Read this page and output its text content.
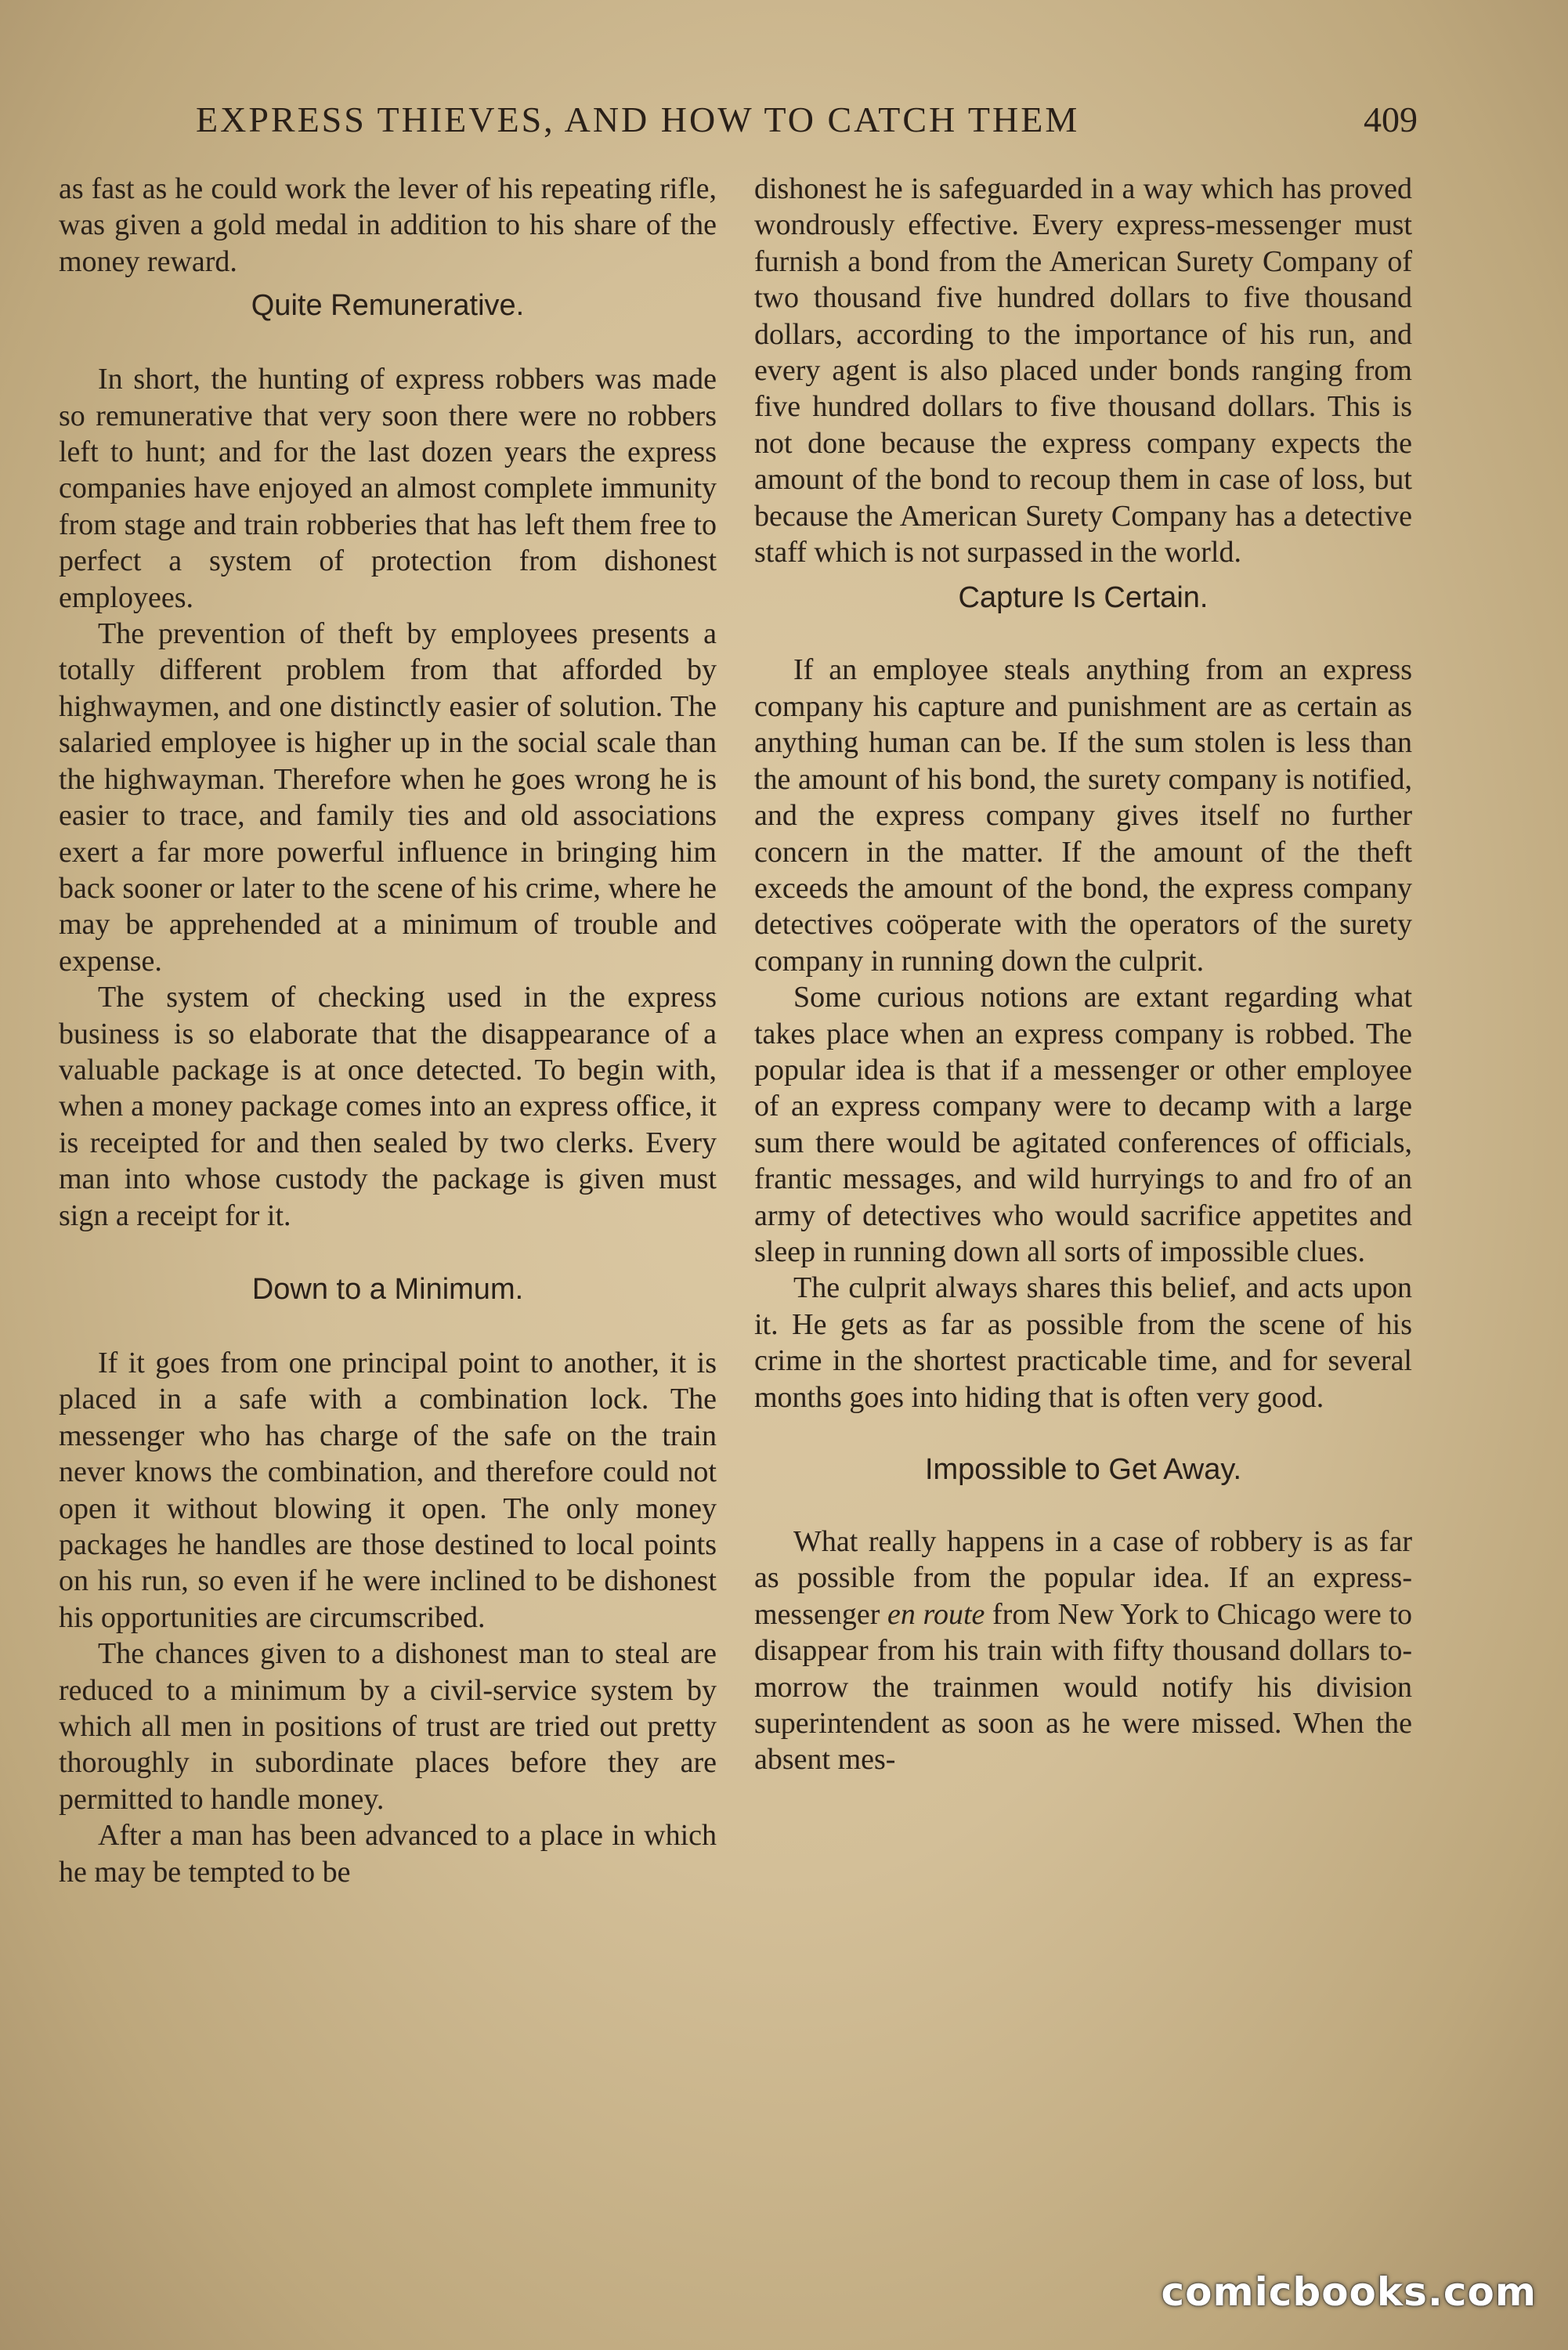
EXPRESS THIEVES, AND HOW TO CATCH THEM	409

as fast as he could work the lever of his repeating rifle, was given a gold medal in addition to his share of the money reward.

Quite Remunerative.

In short, the hunting of express robbers was made so remunerative that very soon there were no robbers left to hunt; and for the last dozen years the express companies have enjoyed an almost complete immunity from stage and train robberies that has left them free to perfect a system of protection from dishonest employees.

The prevention of theft by employees presents a totally different problem from that afforded by highwaymen, and one distinctly easier of solution. The salaried employee is higher up in the social scale than the highwayman. Therefore when he goes wrong he is easier to trace, and family ties and old associations exert a far more powerful influence in bringing him back sooner or later to the scene of his crime, where he may be apprehended at a minimum of trouble and expense.

The system of checking used in the express business is so elaborate that the disappearance of a valuable package is at once detected. To begin with, when a money package comes into an express office, it is receipted for and then sealed by two clerks. Every man into whose custody the package is given must sign a receipt for it.

Down to a Minimum.

If it goes from one principal point to another, it is placed in a safe with a combination lock. The messenger who has charge of the safe on the train never knows the combination, and therefore could not open it without blowing it open. The only money packages he handles are those destined to local points on his run, so even if he were inclined to be dishonest his opportunities are circumscribed.

The chances given to a dishonest man to steal are reduced to a minimum by a civil-service system by which all men in positions of trust are tried out pretty thoroughly in subordinate places before they are permitted to handle money.

After a man has been advanced to a place in which he may be tempted to be

dishonest he is safeguarded in a way which has proved wondrously effective. Every express-messenger must furnish a bond from the American Surety Company of two thousand five hundred dollars to five thousand dollars, according to the importance of his run, and every agent is also placed under bonds ranging from five hundred dollars to five thousand dollars. This is not done because the express company expects the amount of the bond to recoup them in case of loss, but because the American Surety Company has a detective staff which is not surpassed in the world.

Capture Is Certain.

If an employee steals anything from an express company his capture and punishment are as certain as anything human can be. If the sum stolen is less than the amount of his bond, the surety company is notified, and the express company gives itself no further concern in the matter. If the amount of the theft exceeds the amount of the bond, the express company detectives coöperate with the operators of the surety company in running down the culprit.

Some curious notions are extant regarding what takes place when an express company is robbed. The popular idea is that if a messenger or other employee of an express company were to decamp with a large sum there would be agitated conferences of officials, frantic messages, and wild hurryings to and fro of an army of detectives who would sacrifice appetites and sleep in running down all sorts of impossible clues.

The culprit always shares this belief, and acts upon it. He gets as far as possible from the scene of his crime in the shortest practicable time, and for several months goes into hiding that is often very good.

Impossible to Get Away.

What really happens in a case of robbery is as far as possible from the popular idea. If an express-messenger en route from New York to Chicago were to disappear from his train with fifty thousand dollars to-morrow the trainmen would notify his division superintendent as soon as he were missed. When the absent mes-

comicbooks.com
